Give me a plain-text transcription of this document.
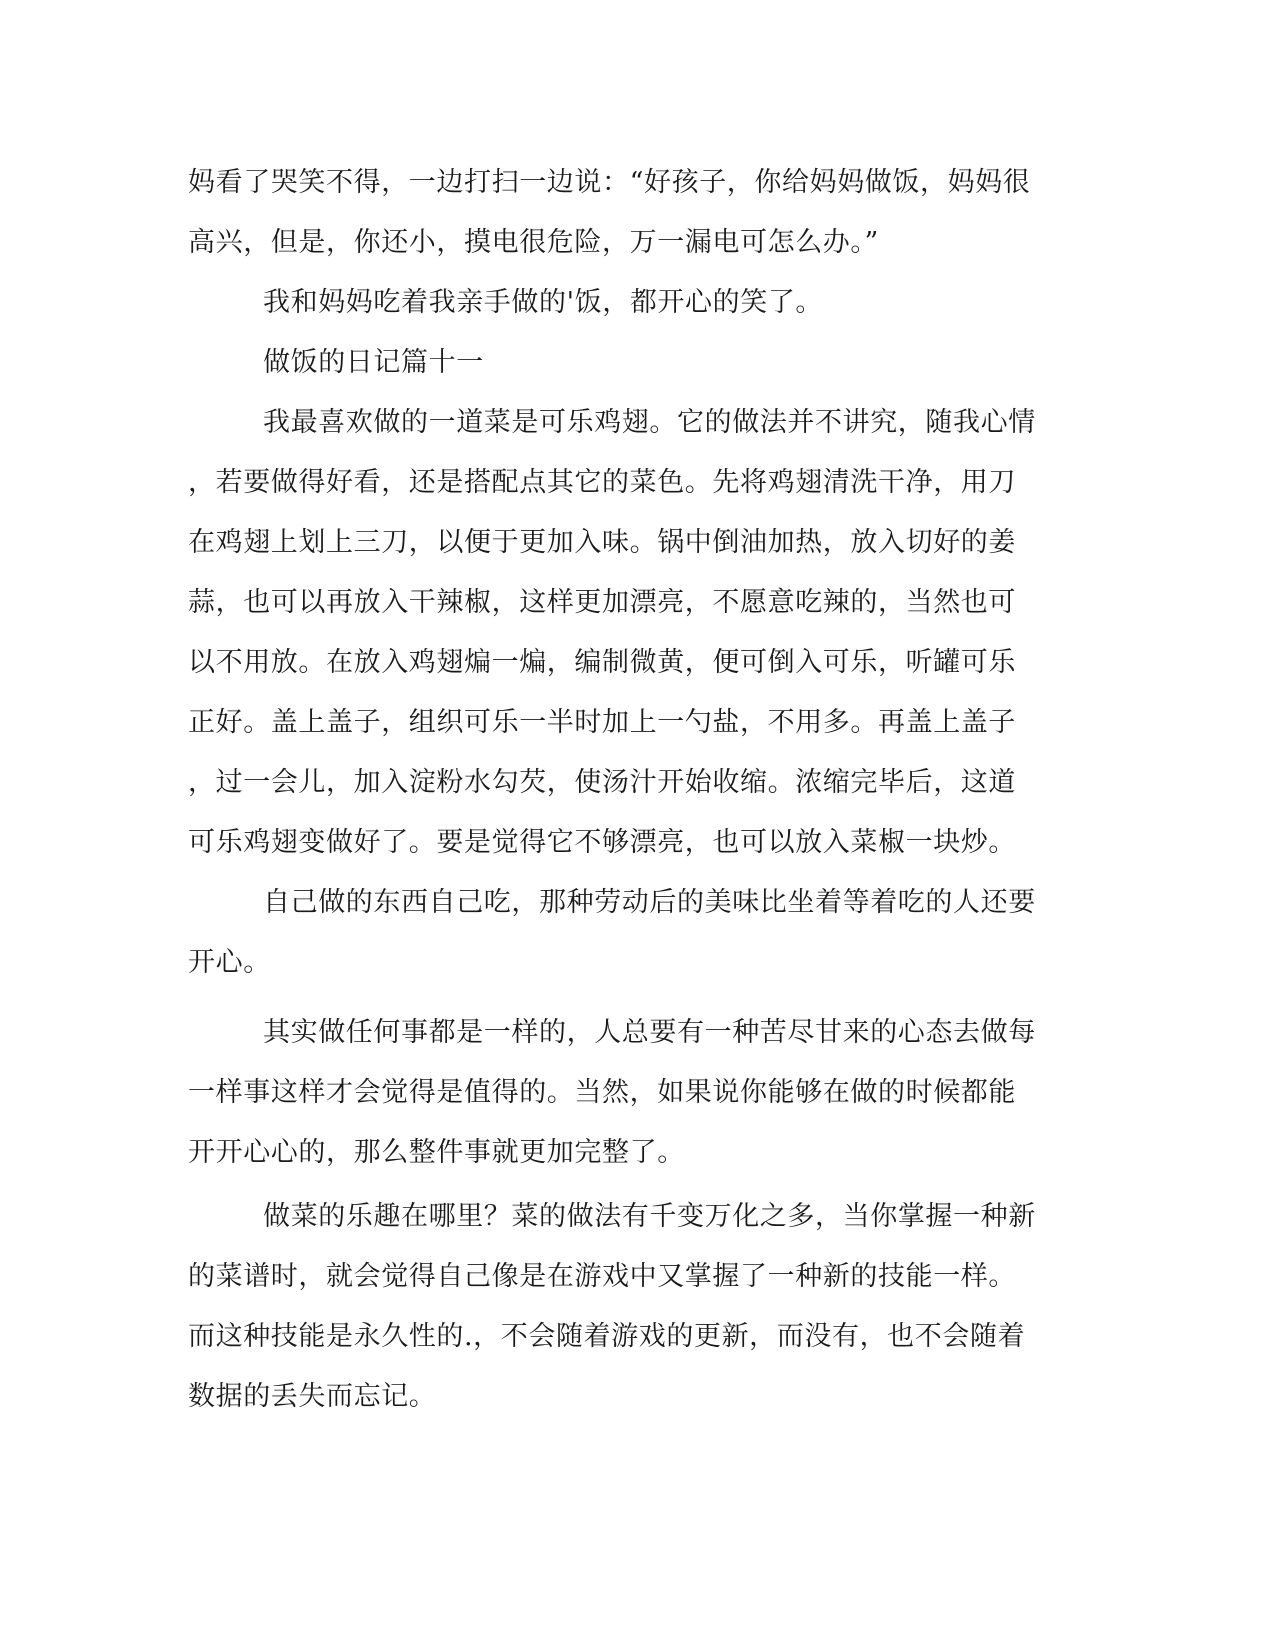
妈看了哭笑不得，一边打扫一边说：“好孩子，你给妈妈做饭，妈妈很
高兴，但是，你还小，摸电很危险，万一漏电可怎么办。”
我和妈妈吃着我亲手做的'饭，都开心的笑了。
做饭的日记篇十一
我最喜欢做的一道菜是可乐鸡翅。它的做法并不讲究，随我心情
，若要做得好看，还是搭配点其它的菜色。先将鸡翅清洗干净，用刀
在鸡翅上划上三刀，以便于更加入味。锅中倒油加热，放入切好的姜
蒜，也可以再放入干辣椒，这样更加漂亮，不愿意吃辣的，当然也可
以不用放。在放入鸡翅煸一煸，编制微黄，便可倒入可乐，听罐可乐
正好。盖上盖子，组织可乐一半时加上一勺盐，不用多。再盖上盖子
，过一会儿，加入淀粉水勾芡，使汤汁开始收缩。浓缩完毕后，这道
可乐鸡翅变做好了。要是觉得它不够漂亮，也可以放入菜椒一块炒。
自己做的东西自己吃，那种劳动后的美味比坐着等着吃的人还要
开心。
其实做任何事都是一样的，人总要有一种苦尽甘来的心态去做每
一样事这样才会觉得是值得的。当然，如果说你能够在做的时候都能
开开心心的，那么整件事就更加完整了。
做菜的乐趣在哪里？菜的做法有千变万化之多，当你掌握一种新
的菜谱时，就会觉得自己像是在游戏中又掌握了一种新的技能一样。
而这种技能是永久性的.，不会随着游戏的更新，而没有，也不会随着
数据的丢失而忘记。
